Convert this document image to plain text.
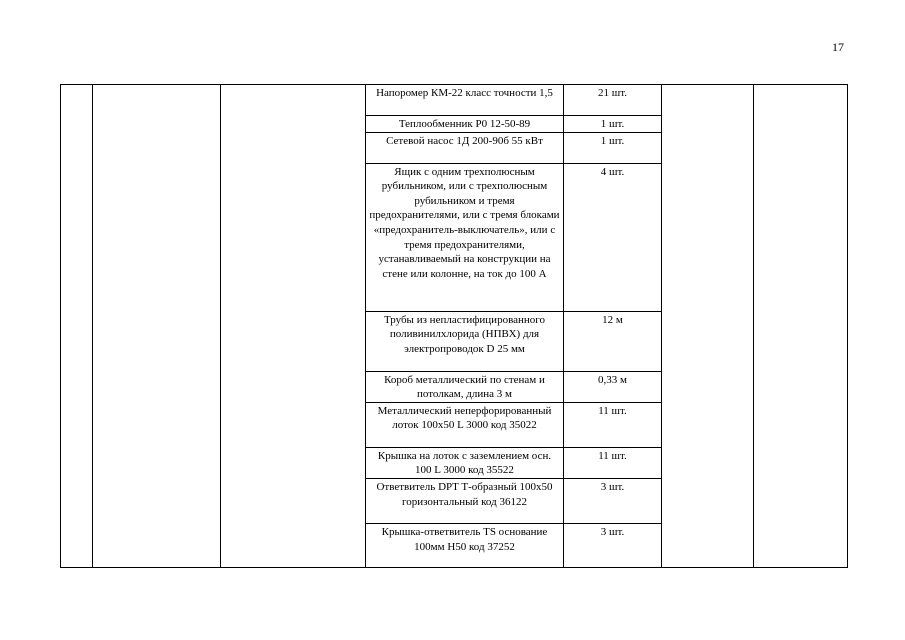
17

			Напоромер КМ-22 класс точности 1,5	21 шт.		

			Теплообменник Р0 12-50-89	1 шт.		

			Сетевой насос 1Д 200-90б 55 кВт	1 шт.		

			Ящик с одним трехполюсным рубильником, или с трехполюсным рубильником и тремя предохранителями, или с тремя блоками «предохранитель-выключатель», или с тремя предохранителями, устанавливаемый на конструкции на стене или колонне, на ток до 100 А	4 шт.		

			Трубы из непластифицированного поливинилхлорида (НПВХ) для электропроводок D 25 мм	12 м		

			Короб металлический по стенам и потолкам, длина 3 м	0,33 м		

			Металлический неперфорированный лоток 100х50 L 3000 код 35022	11 шт.		

			Крышка на лоток с заземлением осн. 100 L 3000 код 35522	11 шт.		

			Ответвитель DPT Т-образный 100х50 горизонтальный код 36122	3 шт.		

			Крышка-ответвитель TS основание 100мм Н50 код 37252	3 шт.		
